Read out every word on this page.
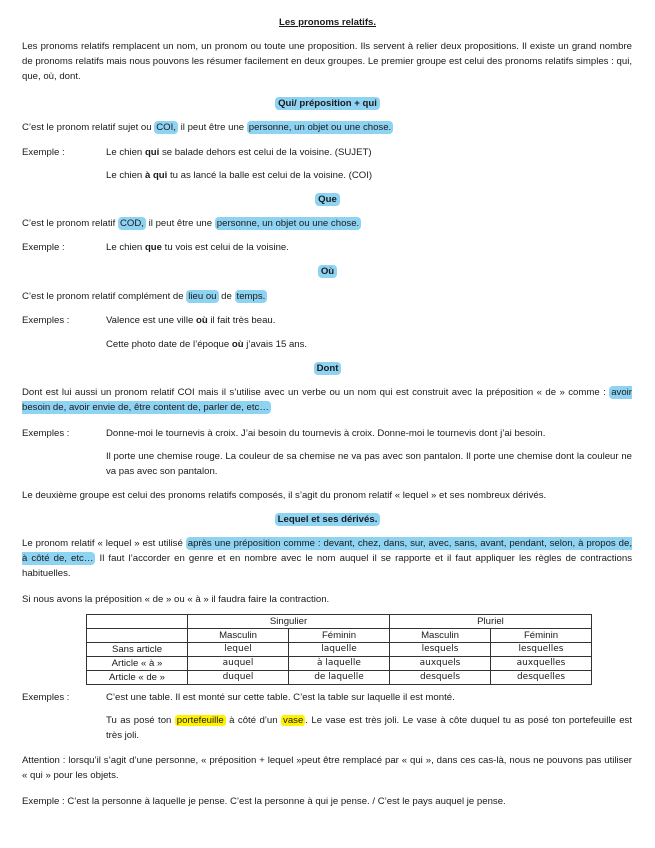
Les pronoms relatifs.

Les pronoms relatifs remplacent un nom, un pronom ou toute une proposition. Ils servent à relier deux propositions. Il existe un grand nombre de pronoms relatifs mais nous pouvons les résumer facilement en deux groupes. Le premier groupe est celui des pronoms relatifs simples : qui, que, où, dont.

Qui/ préposition + qui

C’est le pronom relatif sujet ou COI, il peut être une personne, un objet ou une chose.

Exemple :	Le chien qui se balade dehors est celui de la voisine. (SUJET)

Le chien à qui tu as lancé la balle est celui de la voisine. (COI)

Que

C’est le pronom relatif COD, il peut être une personne, un objet ou une chose.

Exemple :	Le chien que tu vois est celui de la voisine.

Où

C’est le pronom relatif complément de lieu ou de temps.

Exemples :	Valence est une ville où il fait très beau.

Cette photo date de l’époque où j’avais 15 ans.

Dont

Dont est lui aussi un pronom relatif COI mais il s’utilise avec un verbe ou un nom qui est construit avec la préposition « de » comme : avoir besoin de, avoir envie de, être content de, parler de, etc…

Exemples :	Donne-moi le tournevis à croix. J’ai besoin du tournevis à croix. Donne-moi le tournevis dont j’ai besoin.

Il porte une chemise rouge. La couleur de sa chemise ne va pas avec son pantalon. Il porte une chemise dont la couleur ne va pas avec son pantalon.

Le deuxième groupe est celui des pronoms relatifs composés, il s’agit du pronom relatif « lequel » et ses nombreux dérivés.

Lequel et ses dérivés.

Le pronom relatif « lequel » est utilisé après une préposition comme : devant, chez, dans, sur, avec, sans, avant, pendant, selon, à propos de, à côté de, etc… Il faut l’accorder en genre et en nombre avec le nom auquel il se rapporte et il faut appliquer les règles de contractions habituelles.

Si nous avons la préposition « de » ou « à » il faudra faire la contraction.

	Singulier		Pluriel	
	Masculin	Féminin	Masculin	Féminin
Sans article	lequel	laquelle	lesquels	lesquelles
Article « à »	auquel	à laquelle	auxquels	auxquelles
Article « de »	duquel	de laquelle	desquels	desquelles
Exemples :	C’est une table. Il est monté sur cette table. C’est la table sur laquelle il est monté.

Tu as posé ton portefeuille à côté d’un vase . Le vase est très joli. Le vase à côte duquel tu as posé ton portefeuille est très joli.

Attention : lorsqu’il s’agit d’une personne, « préposition + lequel »peut être remplacé par « qui », dans ces cas-là, nous ne pouvons pas utiliser « qui » pour les objets.

Exemple : C’est la personne à laquelle je pense. C’est la personne à qui je pense. / C’est le pays auquel je pense.
